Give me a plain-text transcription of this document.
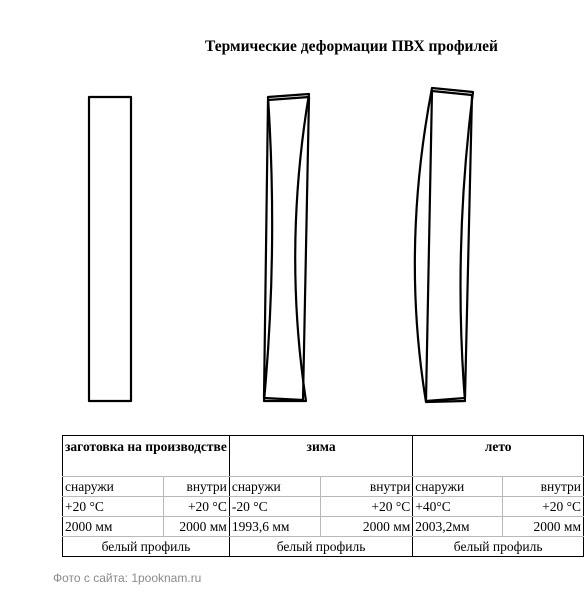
Термические деформации ПВХ профилей
заготовка на производстве		зима		лето	
снаружи	внутри	снаружи	внутри	снаружи	внутри
+20 °C	+20 °C	-20 °C	+20 °C	+40°C	+20 °C
2000 мм	2000 мм	1993,6 мм	2000 мм	2003,2мм	2000 мм
белый профиль		белый профиль		белый профиль	
Фото с сайта: 1pooknam.ru
